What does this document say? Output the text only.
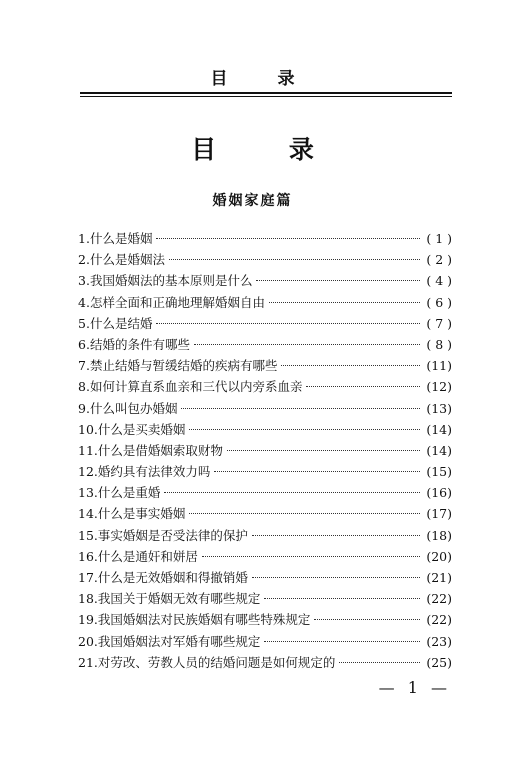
目 录
目 录
婚姻家庭篇
1. 什么是婚姻	( 1 )
2. 什么是婚姻法	( 2 )
3. 我国婚姻法的基本原则是什么	( 4 )
4. 怎样全面和正确地理解婚姻自由	( 6 )
5. 什么是结婚	( 7 )
6. 结婚的条件有哪些	( 8 )
7. 禁止结婚与暂缓结婚的疾病有哪些	(11)
8. 如何计算直系血亲和三代以内旁系血亲	(12)
9. 什么叫包办婚姻	(13)
10. 什么是买卖婚姻	(14)
11. 什么是借婚姻索取财物	(14)
12. 婚约具有法律效力吗	(15)
13. 什么是重婚	(16)
14. 什么是事实婚姻	(17)
15. 事实婚姻是否受法律的保护	(18)
16. 什么是通奸和姘居	(20)
17. 什么是无效婚姻和得撤销婚	(21)
18. 我国关于婚姻无效有哪些规定	(22)
19. 我国婚姻法对民族婚姻有哪些特殊规定	(22)
20. 我国婚姻法对军婚有哪些规定	(23)
21. 对劳改、劳教人员的结婚问题是如何规定的	(25)
— 1 —
